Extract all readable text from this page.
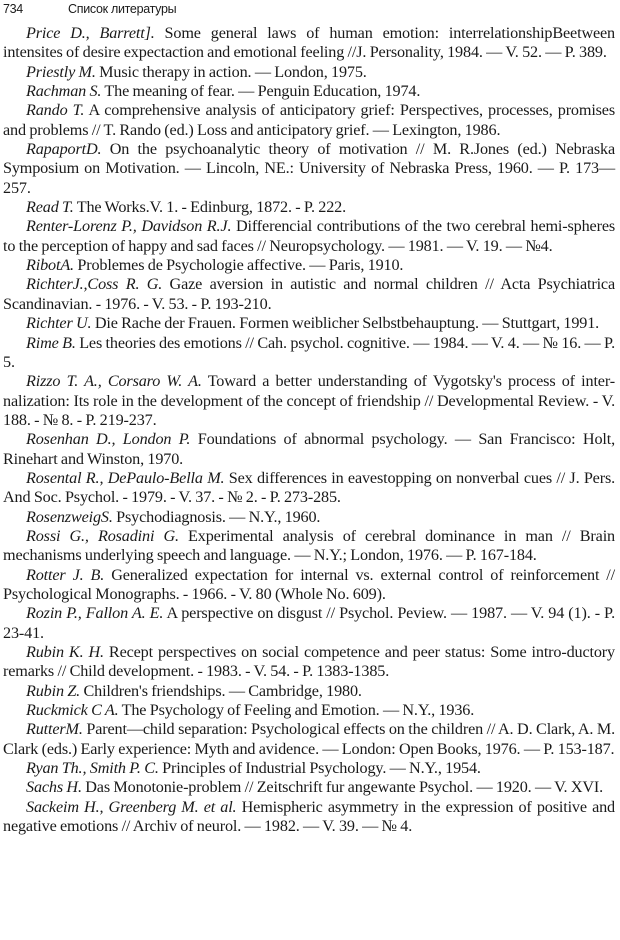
734	Список литературы

Price D., Barrett]. Some general laws of human emotion: interrelationshipBeetween intensites of desire expectaction and emotional feeling //J. Personality, 1984. — V. 52. — P. 389.

Priestly M. Music therapy in action. — London, 1975.

Rachman S. The meaning of fear. — Penguin Education, 1974.

Rando T. A comprehensive analysis of anticipatory grief: Perspectives, processes, promises and problems // T. Rando (ed.) Loss and anticipatory grief. — Lexington, 1986.

RapaportD. On the psychoanalytic theory of motivation // M. R.Jones (ed.) Nebraska Symposium on Motivation. — Lincoln, NE.: University of Nebraska Press, 1960. — P. 173—257.

Read T. The Works.V. 1. - Edinburg, 1872. - P. 222.

Renter-Lorenz P., Davidson R.J. Differencial contributions of the two cerebral hemi-spheres to the perception of happy and sad faces // Neuropsychology. — 1981. — V. 19. — №4.

RibotA. Problemes de Psychologie affective. — Paris, 1910.

RichterJ.,Coss R. G. Gaze aversion in autistic and normal children // Acta Psychiatrica Scandinavian. - 1976. - V. 53. - P. 193-210.

Richter U. Die Rache der Frauen. Formen weiblicher Selbstbehauptung. — Stuttgart, 1991.

Rime B. Les theories des emotions // Cah. psychol. cognitive. — 1984. — V. 4. — № 16. — P. 5.

Rizzo T. A., Corsaro W. A. Toward a better understanding of Vygotsky's process of inter-nalization: Its role in the development of the concept of friendship // Developmental Review. - V. 188. - № 8. - P. 219-237.

Rosenhan D., London P. Foundations of abnormal psychology. — San Francisco: Holt, Rinehart and Winston, 1970.

Rosental R., DePaulo-Bella M. Sex differences in eavestopping on nonverbal cues // J. Pers. And Soc. Psychol. - 1979. - V. 37. - № 2. - P. 273-285.

RosenzweigS. Psychodiagnosis. — N.Y., 1960.

Rossi G., Rosadini G. Experimental analysis of cerebral dominance in man // Brain mechanisms underlying speech and language. — N.Y.; London, 1976. — P. 167-184.

Rotter J. B. Generalized expectation for internal vs. external control of reinforcement // Psychological Monographs. - 1966. - V. 80 (Whole No. 609).

Rozin P., Fallon A. E. A perspective on disgust // Psychol. Peview. — 1987. — V. 94 (1). - P. 23-41.

Rubin K. H. Recept perspectives on social competence and peer status: Some intro-ductory remarks // Child development. - 1983. - V. 54. - P. 1383-1385.

Rubin Z. Children's friendships. — Cambridge, 1980.

Ruckmick C A. The Psychology of Feeling and Emotion. — N.Y., 1936.

RutterM. Parent—child separation: Psychological effects on the children // A. D. Clark, A. M. Clark (eds.) Early experience: Myth and avidence. — London: Open Books, 1976. — P. 153-187.

Ryan Th., Smith P. C. Principles of Industrial Psychology. — N.Y., 1954.

Sachs H. Das Monotonie-problem // Zeitschrift fur angewante Psychol. — 1920. — V. XVI.

Sackeim H., Greenberg M. et al. Hemispheric asymmetry in the expression of positive and negative emotions // Archiv of neurol. — 1982. — V. 39. — № 4.
